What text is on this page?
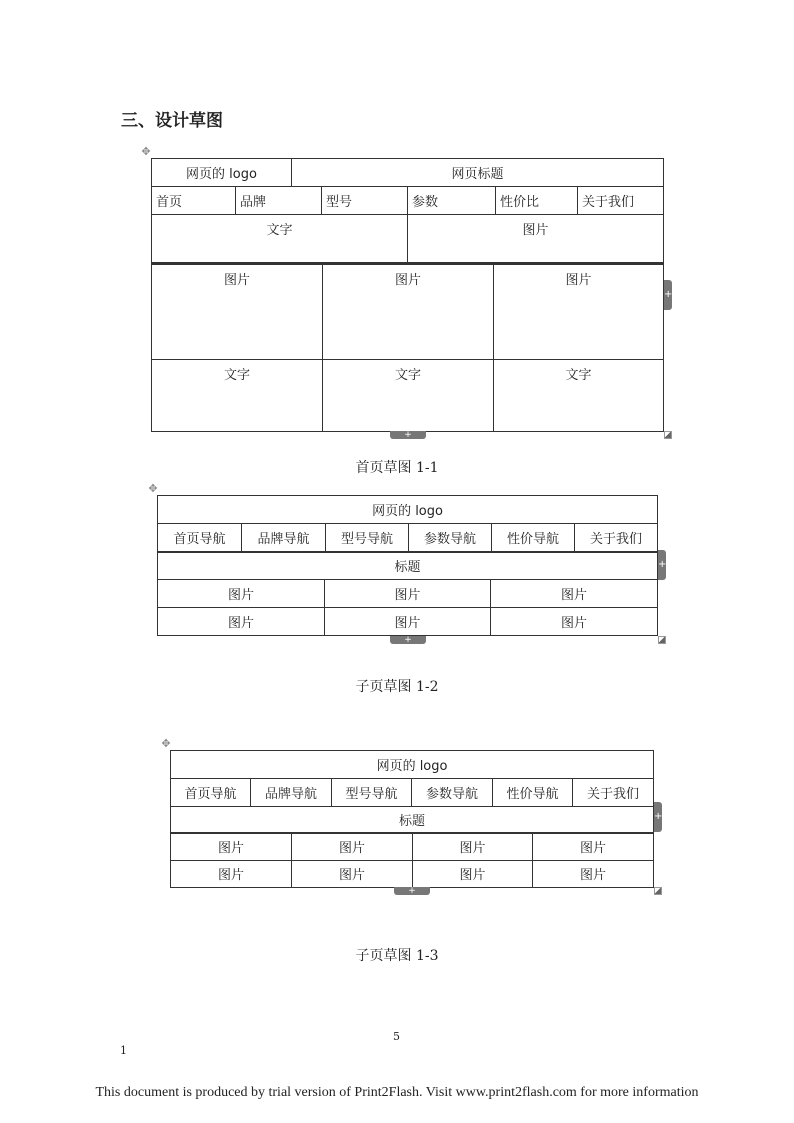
三、设计草图
✥
网页的 logo		网页标题				
首页	品牌		型号	参数	性价比	关于我们
文字				图片		
图片	图片	图片
文字	文字	文字
+
+
首页草图 1-1
✥
网页的 logo
首页导航	品牌导航	型号导航	参数导航	性价导航	关于我们
标题
图片	图片	图片
图片	图片	图片
+
+
子页草图 1-2
✥
网页的 logo
首页导航	品牌导航	型号导航	参数导航	性价导航	关于我们
标题
图片	图片	图片	图片
图片	图片	图片	图片
+
+
子页草图 1-3
5
1
This document is produced by trial version of Print2Flash. Visit www.print2flash.com for more information
